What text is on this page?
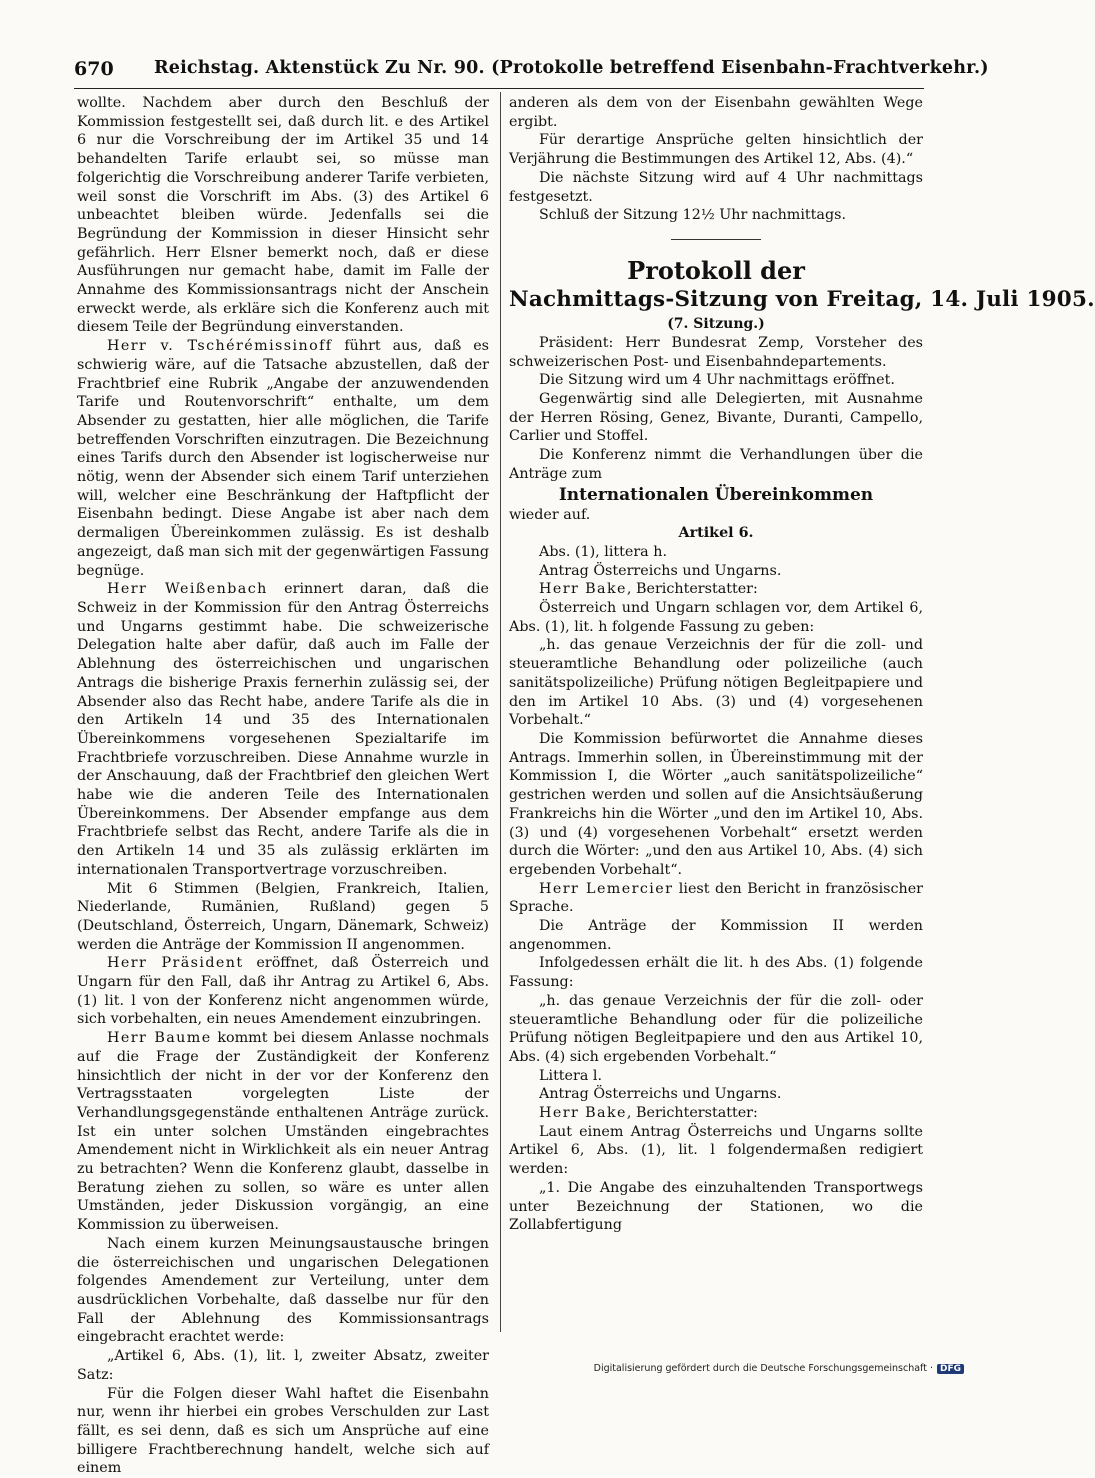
670 Reichstag. Aktenstück Zu Nr. 90. (Protokolle betreffend Eisenbahn-Frachtverkehr.)

wollte. Nachdem aber durch den Beschluß der Kommission festgestellt sei, daß durch lit. e des Artikel 6 nur die Vorschreibung der im Artikel 35 und 14 behandelten Tarife erlaubt sei, so müsse man folgerichtig die Vorschreibung anderer Tarife verbieten, weil sonst die Vorschrift im Abs. (3) des Artikel 6 unbeachtet bleiben würde. Jedenfalls sei die Begründung der Kommission in dieser Hinsicht sehr gefährlich. Herr Elsner bemerkt noch, daß er diese Ausführungen nur gemacht habe, damit im Falle der Annahme des Kommissionsantrags nicht der Anschein erweckt werde, als erkläre sich die Konferenz auch mit diesem Teile der Begründung einverstanden.

Herr v. Tschérémissinoff führt aus, daß es schwierig wäre, auf die Tatsache abzustellen, daß der Frachtbrief eine Rubrik „Angabe der anzuwendenden Tarife und Routenvorschrift“ enthalte, um dem Absender zu gestatten, hier alle möglichen, die Tarife betreffenden Vorschriften einzutragen. Die Bezeichnung eines Tarifs durch den Absender ist logischerweise nur nötig, wenn der Absender sich einem Tarif unterziehen will, welcher eine Beschränkung der Haftpflicht der Eisenbahn bedingt. Diese Angabe ist aber nach dem dermaligen Übereinkommen zulässig. Es ist deshalb angezeigt, daß man sich mit der gegenwärtigen Fassung begnüge.

Herr Weißenbach erinnert daran, daß die Schweiz in der Kommission für den Antrag Österreichs und Ungarns gestimmt habe. Die schweizerische Delegation halte aber dafür, daß auch im Falle der Ablehnung des österreichischen und ungarischen Antrags die bisherige Praxis fernerhin zulässig sei, der Absender also das Recht habe, andere Tarife als die in den Artikeln 14 und 35 des Internationalen Übereinkommens vorgesehenen Spezialtarife im Frachtbriefe vorzuschreiben. Diese Annahme wurzle in der Anschauung, daß der Frachtbrief den gleichen Wert habe wie die anderen Teile des Internationalen Übereinkommens. Der Absender empfange aus dem Frachtbriefe selbst das Recht, andere Tarife als die in den Artikeln 14 und 35 als zulässig erklärten im internationalen Transportvertrage vorzuschreiben.

Mit 6 Stimmen (Belgien, Frankreich, Italien, Niederlande, Rumänien, Rußland) gegen 5 (Deutschland, Österreich, Ungarn, Dänemark, Schweiz) werden die Anträge der Kommission II angenommen.

Herr Präsident eröffnet, daß Österreich und Ungarn für den Fall, daß ihr Antrag zu Artikel 6, Abs. (1) lit. l von der Konferenz nicht angenommen würde, sich vorbehalten, ein neues Amendement einzubringen.

Herr Baume kommt bei diesem Anlasse nochmals auf die Frage der Zuständigkeit der Konferenz hinsichtlich der nicht in der vor der Konferenz den Vertragsstaaten vorgelegten Liste der Verhandlungsgegenstände enthaltenen Anträge zurück. Ist ein unter solchen Umständen eingebrachtes Amendement nicht in Wirklichkeit als ein neuer Antrag zu betrachten? Wenn die Konferenz glaubt, dasselbe in Beratung ziehen zu sollen, so wäre es unter allen Umständen, jeder Diskussion vorgängig, an eine Kommission zu überweisen.

Nach einem kurzen Meinungsaustausche bringen die österreichischen und ungarischen Delegationen folgendes Amendement zur Verteilung, unter dem ausdrücklichen Vorbehalte, daß dasselbe nur für den Fall der Ablehnung des Kommissionsantrags eingebracht erachtet werde:

„Artikel 6, Abs. (1), lit. l, zweiter Absatz, zweiter Satz:

Für die Folgen dieser Wahl haftet die Eisenbahn nur, wenn ihr hierbei ein grobes Verschulden zur Last fällt, es sei denn, daß es sich um Ansprüche auf eine billigere Frachtberechnung handelt, welche sich auf einem

anderen als dem von der Eisenbahn gewählten Wege ergibt.

Für derartige Ansprüche gelten hinsichtlich der Verjährung die Bestimmungen des Artikel 12, Abs. (4).“

Die nächste Sitzung wird auf 4 Uhr nachmittags festgesetzt.

Schluß der Sitzung 12½ Uhr nachmittags.

Protokoll der

Nachmittags-Sitzung von Freitag, 14. Juli 1905.

(7. Sitzung.)

Präsident: Herr Bundesrat Zemp, Vorsteher des schweizerischen Post- und Eisenbahndepartements.

Die Sitzung wird um 4 Uhr nachmittags eröffnet.

Gegenwärtig sind alle Delegierten, mit Ausnahme der Herren Rösing, Genez, Bivante, Duranti, Campello, Carlier und Stoffel.

Die Konferenz nimmt die Verhandlungen über die Anträge zum

Internationalen Übereinkommen

wieder auf.

Artikel 6.

Abs. (1), littera h.

Antrag Österreichs und Ungarns.

Herr Bake, Berichterstatter:

Österreich und Ungarn schlagen vor, dem Artikel 6, Abs. (1), lit. h folgende Fassung zu geben:

„h. das genaue Verzeichnis der für die zoll- und steueramtliche Behandlung oder polizeiliche (auch sanitätspolizeiliche) Prüfung nötigen Begleitpapiere und den im Artikel 10 Abs. (3) und (4) vorgesehenen Vorbehalt.“

Die Kommission befürwortet die Annahme dieses Antrags. Immerhin sollen, in Übereinstimmung mit der Kommission I, die Wörter „auch sanitätspolizeiliche“ gestrichen werden und sollen auf die Ansichtsäußerung Frankreichs hin die Wörter „und den im Artikel 10, Abs. (3) und (4) vorgesehenen Vorbehalt“ ersetzt werden durch die Wörter: „und den aus Artikel 10, Abs. (4) sich ergebenden Vorbehalt“.

Herr Lemercier liest den Bericht in französischer Sprache.

Die Anträge der Kommission II werden angenommen.

Infolgedessen erhält die lit. h des Abs. (1) folgende Fassung:

„h. das genaue Verzeichnis der für die zoll- oder steueramtliche Behandlung oder für die polizeiliche Prüfung nötigen Begleitpapiere und den aus Artikel 10, Abs. (4) sich ergebenden Vorbehalt.“

Littera l.

Antrag Österreichs und Ungarns.

Herr Bake, Berichterstatter:

Laut einem Antrag Österreichs und Ungarns sollte Artikel 6, Abs. (1), lit. l folgendermaßen redigiert werden:

„1. Die Angabe des einzuhaltenden Transportwegs unter Bezeichnung der Stationen, wo die Zollabfertigung

Digitalisierung gefördert durch die Deutsche Forschungsgemeinschaft · DFG
